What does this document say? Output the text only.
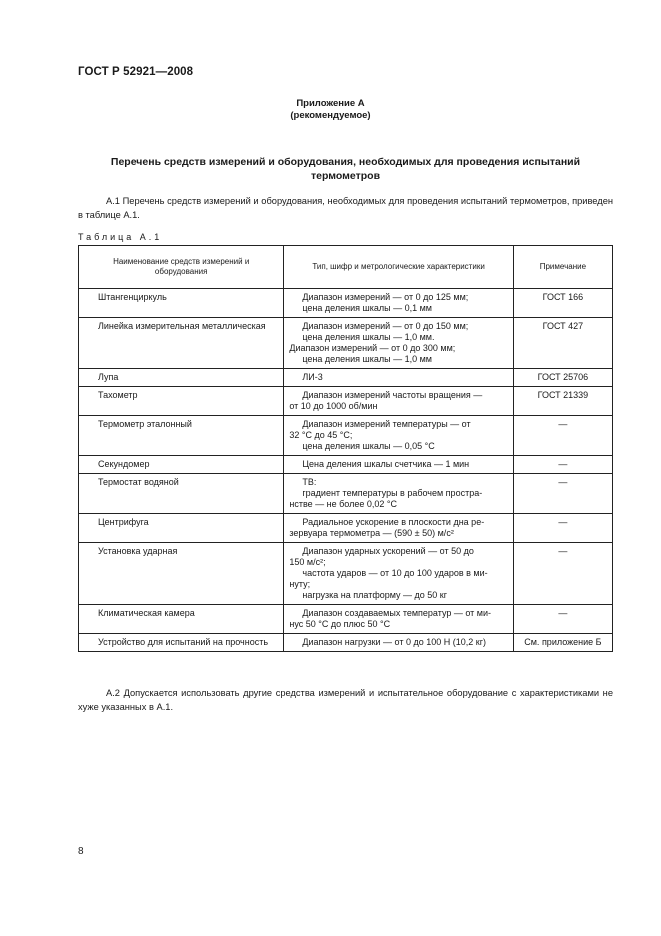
ГОСТ Р 52921—2008
Приложение А
(рекомендуемое)
Перечень средств измерений и оборудования, необходимых для проведения испытаний
термометров
А.1 Перечень средств измерений и оборудования, необходимых для проведения испытаний термометров, приведен в таблице А.1.
Таблица А.1
Наименование средств измерений и оборудования	Тип, шифр и метрологические характеристики	Примечание
Штангенциркуль	Диапазон измерений — от 0 до 125 мм;
цена деления шкалы — 0,1 мм	ГОСТ 166
Линейка измерительная металлическая	Диапазон измерений — от 0 до 150 мм;
цена деления шкалы — 1,0 мм.
Диапазон измерений — от 0 до 300 мм;
цена деления шкалы — 1,0 мм	ГОСТ 427
Лупа	ЛИ-3	ГОСТ 25706
Тахометр	Диапазон измерений частоты вращения —
от 10 до 1000 об/мин	ГОСТ 21339
Термометр эталонный	Диапазон измерений температуры — от
32 °С до 45 °С;
цена деления шкалы — 0,05 °С	—
Секундомер	Цена деления шкалы счетчика — 1 мин	—
Термостат водяной	ТВ:
градиент температуры в рабочем простра-
нстве — не более 0,02 °С	—
Центрифуга	Радиальное ускорение в плоскости дна ре-
зервуара термометра — (590 ± 50) м/с²	—
Установка ударная	Диапазон ударных ускорений — от 50 до
150 м/с²;
частота ударов — от 10 до 100 ударов в ми-
нуту;
нагрузка на платформу — до 50 кг	—
Климатическая камера	Диапазон создаваемых температур — от ми-
нус 50 °С до плюс 50 °С	—
Устройство для испытаний на прочность	Диапазон нагрузки — от 0 до 100 Н (10,2 кг)	См. приложение Б
А.2 Допускается использовать другие средства измерений и испытательное оборудование с характеристиками не хуже указанных в А.1.
8
